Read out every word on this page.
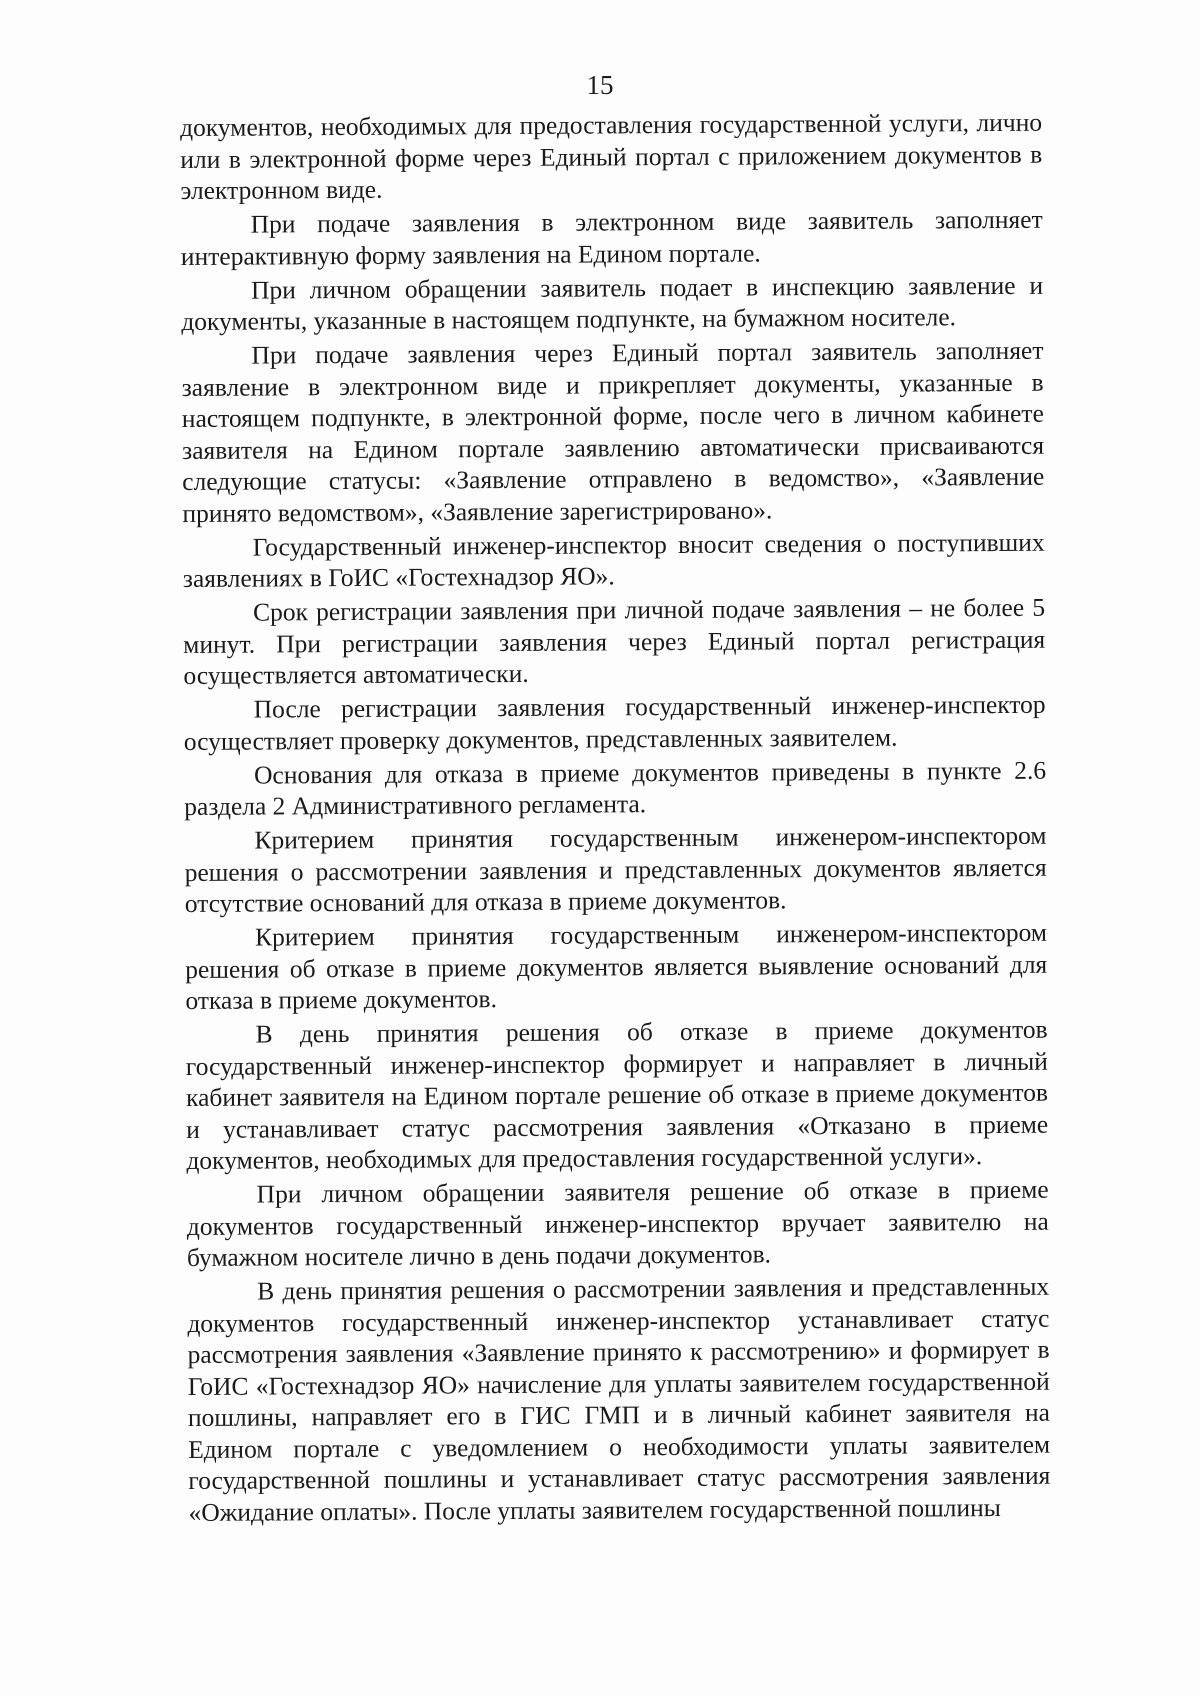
15

документов, необходимых для предоставления государственной услуги, лично или в электронной форме через Единый портал с приложением документов в электронном виде.

При подаче заявления в электронном виде заявитель заполняет интерактивную форму заявления на Едином портале.

При личном обращении заявитель подает в инспекцию заявление и документы, указанные в настоящем подпункте, на бумажном носителе.

При подаче заявления через Единый портал заявитель заполняет заявление в электронном виде и прикрепляет документы, указанные в настоящем подпункте, в электронной форме, после чего в личном кабинете заявителя на Едином портале заявлению автоматически присваиваются следующие статусы: «Заявление отправлено в ведомство», «Заявление принято ведомством», «Заявление зарегистрировано».

Государственный инженер-инспектор вносит сведения о поступивших заявлениях в ГоИС «Гостехнадзор ЯО».

Срок регистрации заявления при личной подаче заявления – не более 5 минут. При регистрации заявления через Единый портал регистрация осуществляется автоматически.

После регистрации заявления государственный инженер-инспектор осуществляет проверку документов, представленных заявителем.

Основания для отказа в приеме документов приведены в пункте 2.6 раздела 2 Административного регламента.

Критерием принятия государственным инженером-инспектором решения о рассмотрении заявления и представленных документов является отсутствие оснований для отказа в приеме документов.

Критерием принятия государственным инженером-инспектором решения об отказе в приеме документов является выявление оснований для отказа в приеме документов.

В день принятия решения об отказе в приеме документов государственный инженер-инспектор формирует и направляет в личный кабинет заявителя на Едином портале решение об отказе в приеме документов и устанавливает статус рассмотрения заявления «Отказано в приеме документов, необходимых для предоставления государственной услуги».

При личном обращении заявителя решение об отказе в приеме документов государственный инженер-инспектор вручает заявителю на бумажном носителе лично в день подачи документов.

В день принятия решения о рассмотрении заявления и представленных документов государственный инженер-инспектор устанавливает статус рассмотрения заявления «Заявление принято к рассмотрению» и формирует в ГоИС «Гостехнадзор ЯО» начисление для уплаты заявителем государственной пошлины, направляет его в ГИС ГМП и в личный кабинет заявителя на Едином портале с уведомлением о необходимости уплаты заявителем государственной пошлины и устанавливает статус рассмотрения заявления «Ожидание оплаты». После уплаты заявителем государственной пошлины
